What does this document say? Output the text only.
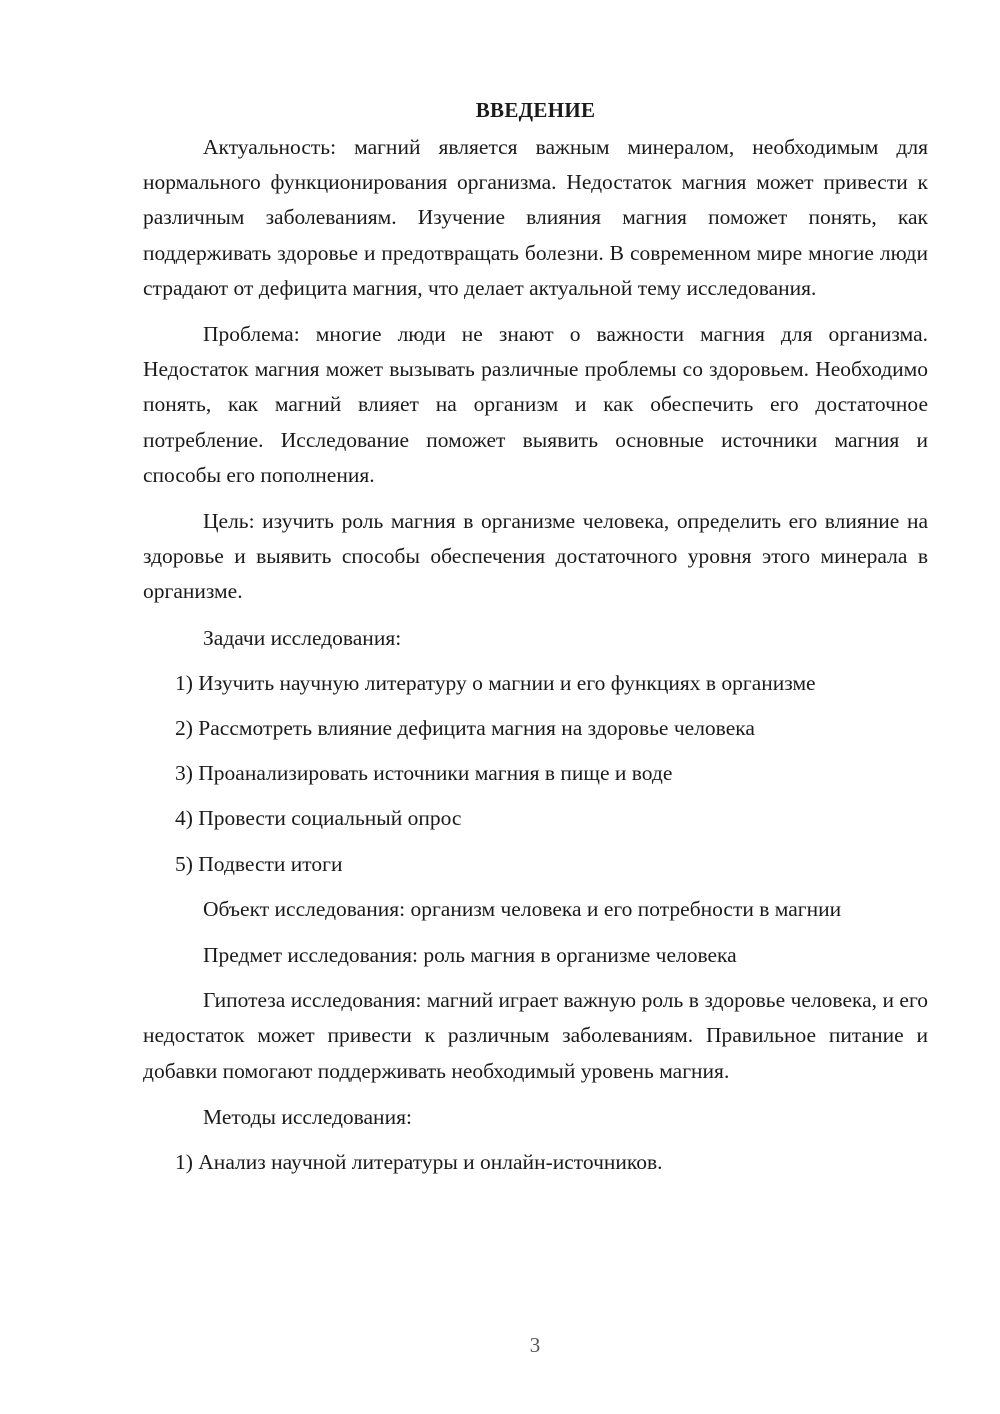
ВВЕДЕНИЕ

Актуальность: магний является важным минералом, необходимым для нормального функционирования организма. Недостаток магния может привести к различным заболеваниям. Изучение влияния магния поможет понять, как поддерживать здоровье и предотвращать болезни. В современном мире многие люди страдают от дефицита магния, что делает актуальной тему исследования.

Проблема: многие люди не знают о важности магния для организма. Недостаток магния может вызывать различные проблемы со здоровьем. Необходимо понять, как магний влияет на организм и как обеспечить его достаточное потребление. Исследование поможет выявить основные источники магния и способы его пополнения.

Цель: изучить роль магния в организме человека, определить его влияние на здоровье и выявить способы обеспечения достаточного уровня этого минерала в организме.

Задачи исследования:

1) Изучить научную литературу о магнии и его функциях в организме
2) Рассмотреть влияние дефицита магния на здоровье человека
3) Проанализировать источники магния в пище и воде
4) Провести социальный опрос
5) Подвести итоги

Объект исследования: организм человека и его потребности в магнии

Предмет исследования: роль магния в организме человека

Гипотеза исследования: магний играет важную роль в здоровье человека, и его недостаток может привести к различным заболеваниям. Правильное питание и добавки помогают поддерживать необходимый уровень магния.

Методы исследования:

1) Анализ научной литературы и онлайн-источников.
3
